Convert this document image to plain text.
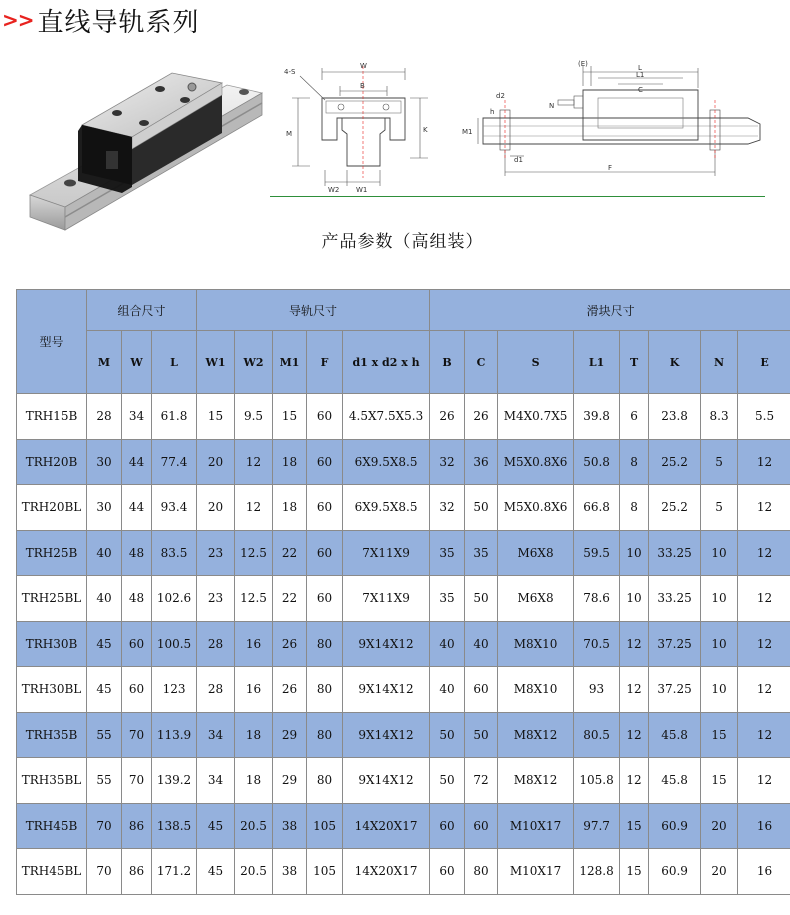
>> 直线导轨系列
W
B
4-S
M	K
W2 W1
(E)	L
L1
C
d2
h
N
M1
d1
F
产品参数（高组装）
型号	组合尺寸			导轨尺寸					滑块尺寸							
	M	W	L	W1	W2	M1	F	d1 x d2 x h	B	C	S	L1	T	K	N	E
TRH15B	28	34	61.8	15	9.5	15	60	4.5X7.5X5.3	26	26	M4X0.7X5	39.8	6	23.8	8.3	5.5
TRH20B	30	44	77.4	20	12	18	60	6X9.5X8.5	32	36	M5X0.8X6	50.8	8	25.2	5	12
TRH20BL	30	44	93.4	20	12	18	60	6X9.5X8.5	32	50	M5X0.8X6	66.8	8	25.2	5	12
TRH25B	40	48	83.5	23	12.5	22	60	7X11X9	35	35	M6X8	59.5	10	33.25	10	12
TRH25BL	40	48	102.6	23	12.5	22	60	7X11X9	35	50	M6X8	78.6	10	33.25	10	12
TRH30B	45	60	100.5	28	16	26	80	9X14X12	40	40	M8X10	70.5	12	37.25	10	12
TRH30BL	45	60	123	28	16	26	80	9X14X12	40	60	M8X10	93	12	37.25	10	12
TRH35B	55	70	113.9	34	18	29	80	9X14X12	50	50	M8X12	80.5	12	45.8	15	12
TRH35BL	55	70	139.2	34	18	29	80	9X14X12	50	72	M8X12	105.8	12	45.8	15	12
TRH45B	70	86	138.5	45	20.5	38	105	14X20X17	60	60	M10X17	97.7	15	60.9	20	16
TRH45BL	70	86	171.2	45	20.5	38	105	14X20X17	60	80	M10X17	128.8	15	60.9	20	16
